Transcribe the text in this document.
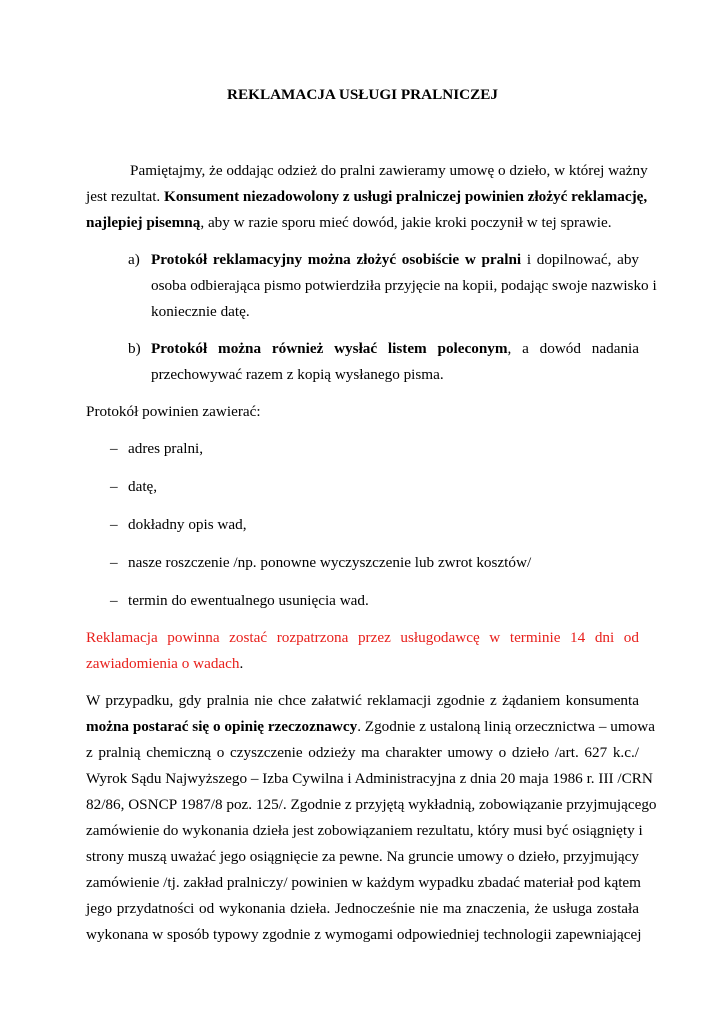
REKLAMACJA USŁUGI PRALNICZEJ
Pamiętajmy, że oddając odzież do pralni zawieramy umowę o dzieło, w której ważny
jest rezultat. Konsument niezadowolony z usługi pralniczej powinien złożyć reklamację,
najlepiej pisemną, aby w razie sporu mieć dowód, jakie kroki poczynił w tej sprawie.
a) Protokół reklamacyjny można złożyć osobiście w pralni i dopilnować, aby
osoba odbierająca pismo potwierdziła przyjęcie na kopii, podając swoje nazwisko i
koniecznie datę.
b) Protokół można również wysłać listem poleconym, a dowód nadania
przechowywać razem z kopią wysłanego pisma.
Protokół powinien zawierać:
– adres pralni,
– datę,
– dokładny opis wad,
– nasze roszczenie /np. ponowne wyczyszczenie lub zwrot kosztów/
– termin do ewentualnego usunięcia wad.
Reklamacja powinna zostać rozpatrzona przez usługodawcę w terminie 14 dni od
zawiadomienia o wadach.
W przypadku, gdy pralnia nie chce załatwić reklamacji zgodnie z żądaniem konsumenta
można postarać się o opinię rzeczoznawcy. Zgodnie z ustaloną linią orzecznictwa – umowa
z pralnią chemiczną o czyszczenie odzieży ma charakter umowy o dzieło /art. 627 k.c./
Wyrok Sądu Najwyższego – Izba Cywilna i Administracyjna z dnia 20 maja 1986 r. III /CRN
82/86, OSNCP 1987/8 poz. 125/. Zgodnie z przyjętą wykładnią, zobowiązanie przyjmującego
zamówienie do wykonania dzieła jest zobowiązaniem rezultatu, który musi być osiągnięty i
strony muszą uważać jego osiągnięcie za pewne. Na gruncie umowy o dzieło, przyjmujący
zamówienie /tj. zakład pralniczy/ powinien w każdym wypadku zbadać materiał pod kątem
jego przydatności od wykonania dzieła. Jednocześnie nie ma znaczenia, że usługa została
wykonana w sposób typowy zgodnie z wymogami odpowiedniej technologii zapewniającej
